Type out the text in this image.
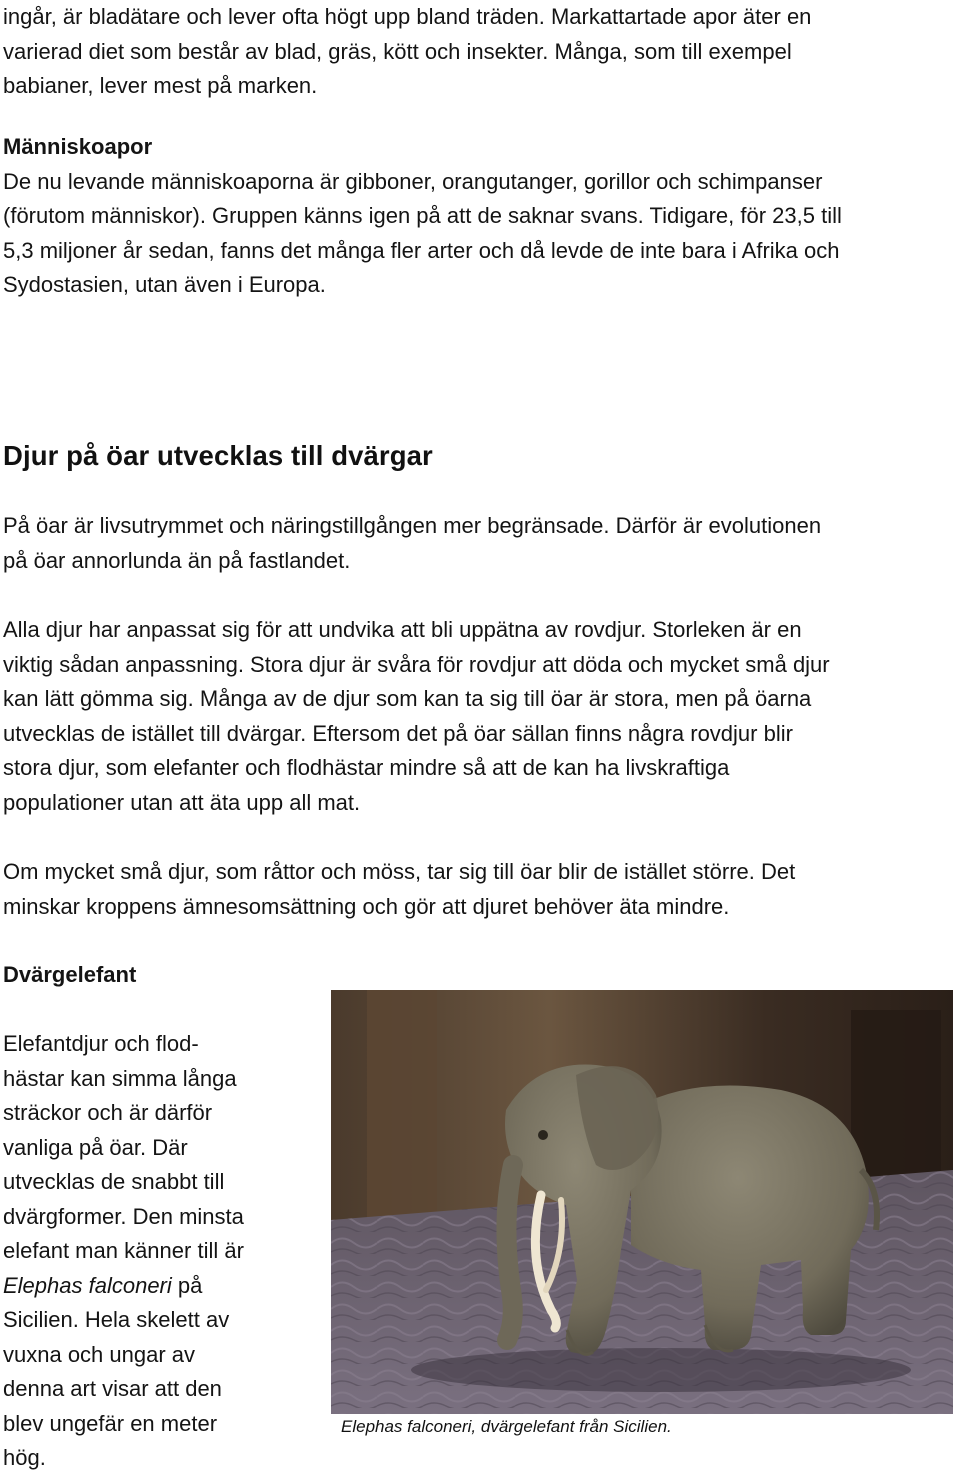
ingår, är bladätare och lever ofta högt upp bland träden. Markattartade apor äter en
varierad diet som består av blad, gräs, kött och insekter. Många, som till exempel
babianer, lever mest på marken.

Människoapor
De nu levande människoaporna är gibboner, orangutanger, gorillor och schimpanser
(förutom människor). Gruppen känns igen på att de saknar svans. Tidigare, för 23,5 till
5,3 miljoner år sedan, fanns det många fler arter och då levde de inte bara i Afrika och
Sydostasien, utan även i Europa.

Djur på öar utvecklas till dvärgar

På öar är livsutrymmet och näringstillgången mer begränsade. Därför är evolutionen
på öar annorlunda än på fastlandet.

Alla djur har anpassat sig för att undvika att bli uppätna av rovdjur. Storleken är en
viktig sådan anpassning. Stora djur är svåra för rovdjur att döda och mycket små djur
kan lätt gömma sig. Många av de djur som kan ta sig till öar är stora, men på öarna
utvecklas de istället till dvärgar. Eftersom det på öar sällan finns några rovdjur blir
stora djur, som elefanter och flodhästar mindre så att de kan ha livskraftiga
populationer utan att äta upp all mat.

Om mycket små djur, som råttor och möss, tar sig till öar blir de istället större. Det
minskar kroppens ämnesomsättning och gör att djuret behöver äta mindre.

Dvärgelefant

Elefantdjur och flod-
hästar kan simma långa
sträckor och är därför
vanliga på öar. Där
utvecklas de snabbt till
dvärgformer. Den minsta
elefant man känner till är
Elephas falconeri på
Sicilien. Hela skelett av
vuxna och ungar av
denna art visar att den
blev ungefär en meter
hög.

Elephas falconeri, dvärgelefant från Sicilien.
